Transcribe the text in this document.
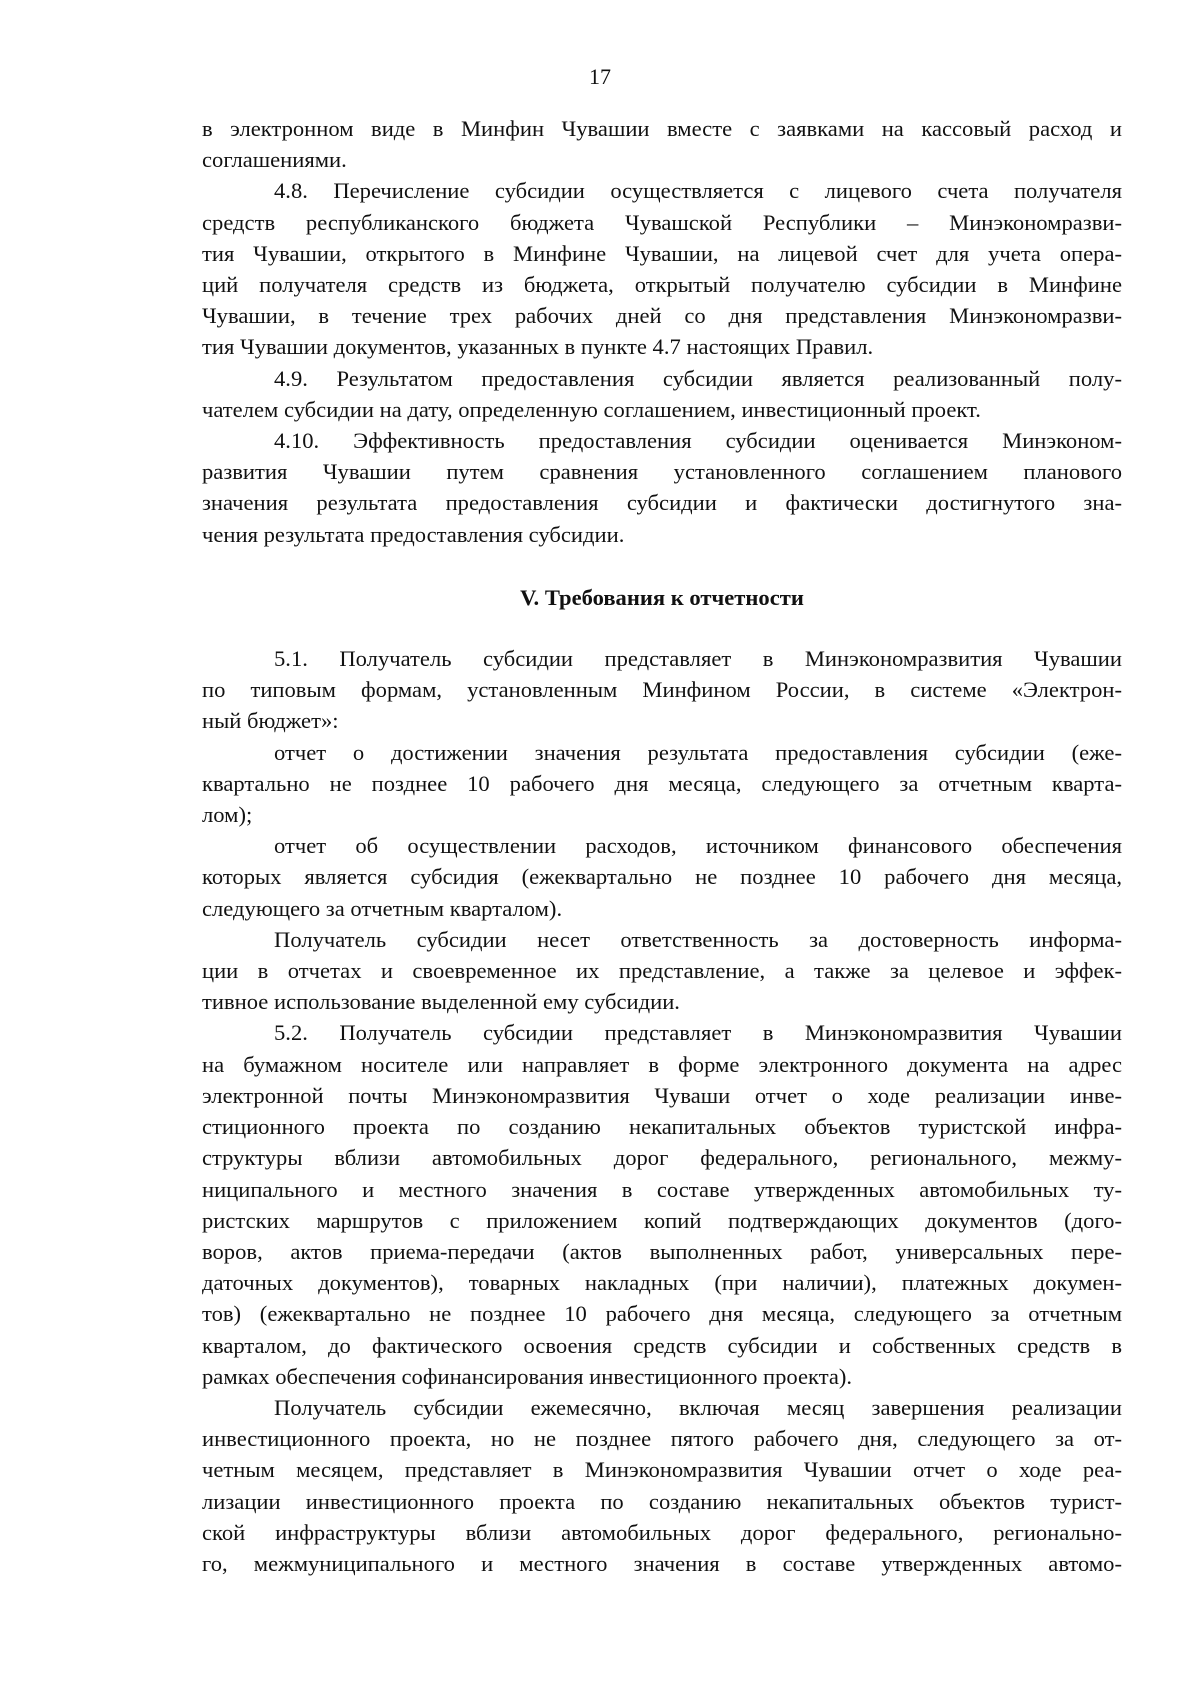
17
в электронном виде в Минфин Чувашии вместе с заявками на кассовый расход и
соглашениями.
4.8. Перечисление субсидии осуществляется с лицевого счета получателя
средств республиканского бюджета Чувашской Республики – Минэкономразви-
тия Чувашии, открытого в Минфине Чувашии, на лицевой счет для учета опера-
ций получателя средств из бюджета, открытый получателю субсидии в Минфине
Чувашии, в течение трех рабочих дней со дня представления Минэкономразви-
тия Чувашии документов, указанных в пункте 4.7 настоящих Правил.
4.9. Результатом предоставления субсидии является реализованный полу-
чателем субсидии на дату, определенную соглашением, инвестиционный проект.
4.10. Эффективность предоставления субсидии оценивается Минэконом-
развития Чувашии путем сравнения установленного соглашением планового
значения результата предоставления субсидии и фактически достигнутого зна-
чения результата предоставления субсидии.
V. Требования к отчетности
5.1. Получатель субсидии представляет в Минэкономразвития Чувашии
по типовым формам, установленным Минфином России, в системе «Электрон-
ный бюджет»:
отчет о достижении значения результата предоставления субсидии (еже-
квартально не позднее 10 рабочего дня месяца, следующего за отчетным кварта-
лом);
отчет об осуществлении расходов, источником финансового обеспечения
которых является субсидия (ежеквартально не позднее 10 рабочего дня месяца,
следующего за отчетным кварталом).
Получатель субсидии несет ответственность за достоверность информа-
ции в отчетах и своевременное их представление, а также за целевое и эффек-
тивное использование выделенной ему субсидии.
5.2. Получатель субсидии представляет в Минэкономразвития Чувашии
на бумажном носителе или направляет в форме электронного документа на адрес
электронной почты Минэкономразвития Чуваши отчет о ходе реализации инве-
стиционного проекта по созданию некапитальных объектов туристской инфра-
структуры вблизи автомобильных дорог федерального, регионального, межму-
ниципального и местного значения в составе утвержденных автомобильных ту-
ристских маршрутов с приложением копий подтверждающих документов (дого-
воров, актов приема-передачи (актов выполненных работ, универсальных пере-
даточных документов), товарных накладных (при наличии), платежных докумен-
тов) (ежеквартально не позднее 10 рабочего дня месяца, следующего за отчетным
кварталом, до фактического освоения средств субсидии и собственных средств в
рамках обеспечения софинансирования инвестиционного проекта).
Получатель субсидии ежемесячно, включая месяц завершения реализации
инвестиционного проекта, но не позднее пятого рабочего дня, следующего за от-
четным месяцем, представляет в Минэкономразвития Чувашии отчет о ходе реа-
лизации инвестиционного проекта по созданию некапитальных объектов турист-
ской инфраструктуры вблизи автомобильных дорог федерального, регионально-
го, межмуниципального и местного значения в составе утвержденных автомо-
